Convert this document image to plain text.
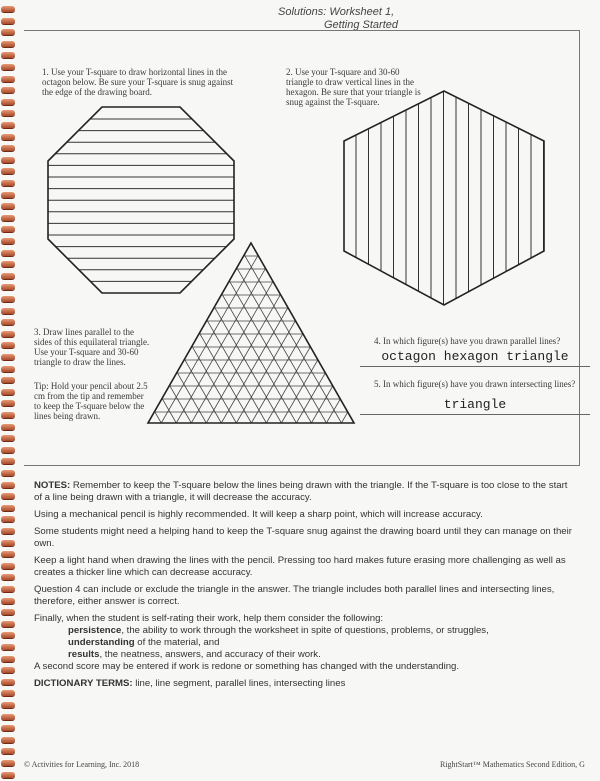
Solutions: Worksheet 1,
Getting Started
1. Use your T-square to draw horizontal lines in the octagon below. Be sure your T-square is snug against the edge of the drawing board.
2. Use your T-square and 30-60 triangle to draw vertical lines in the hexagon. Be sure that your triangle is snug against the T-square.
3. Draw lines parallel to the sides of this equilateral triangle. Use your T-square and 30-60 triangle to draw the lines.
Tip: Hold your pencil about 2.5 cm from the tip and remember to keep the T-square below the lines being drawn.
4. In which figure(s) have you drawn parallel lines?
octagon hexagon triangle
5. In which figure(s) have you drawn intersecting lines?
triangle

NOTES: Remember to keep the T-square below the lines being drawn with the triangle. If the T-square is too close to the start of a line being drawn with a triangle, it will decrease the accuracy.

Using a mechanical pencil is highly recommended. It will keep a sharp point, which will increase accuracy.

Some students might need a helping hand to keep the T-square snug against the drawing board until they can manage on their own.

Keep a light hand when drawing the lines with the pencil. Pressing too hard makes future erasing more challenging as well as creates a thicker line which can decrease accuracy.

Question 4 can include or exclude the triangle in the answer. The triangle includes both parallel lines and intersecting lines, therefore, either answer is correct.

Finally, when the student is self-rating their work, help them consider the following:

persistence, the ability to work through the worksheet in spite of questions, problems, or struggles,

understanding of the material, and

results, the neatness, answers, and accuracy of their work.

A second score may be entered if work is redone or something has changed with the understanding.

DICTIONARY TERMS: line, line segment, parallel lines, intersecting lines

© Activities for Learning, Inc. 2018	RightStart™ Mathematics Second Edition, G
